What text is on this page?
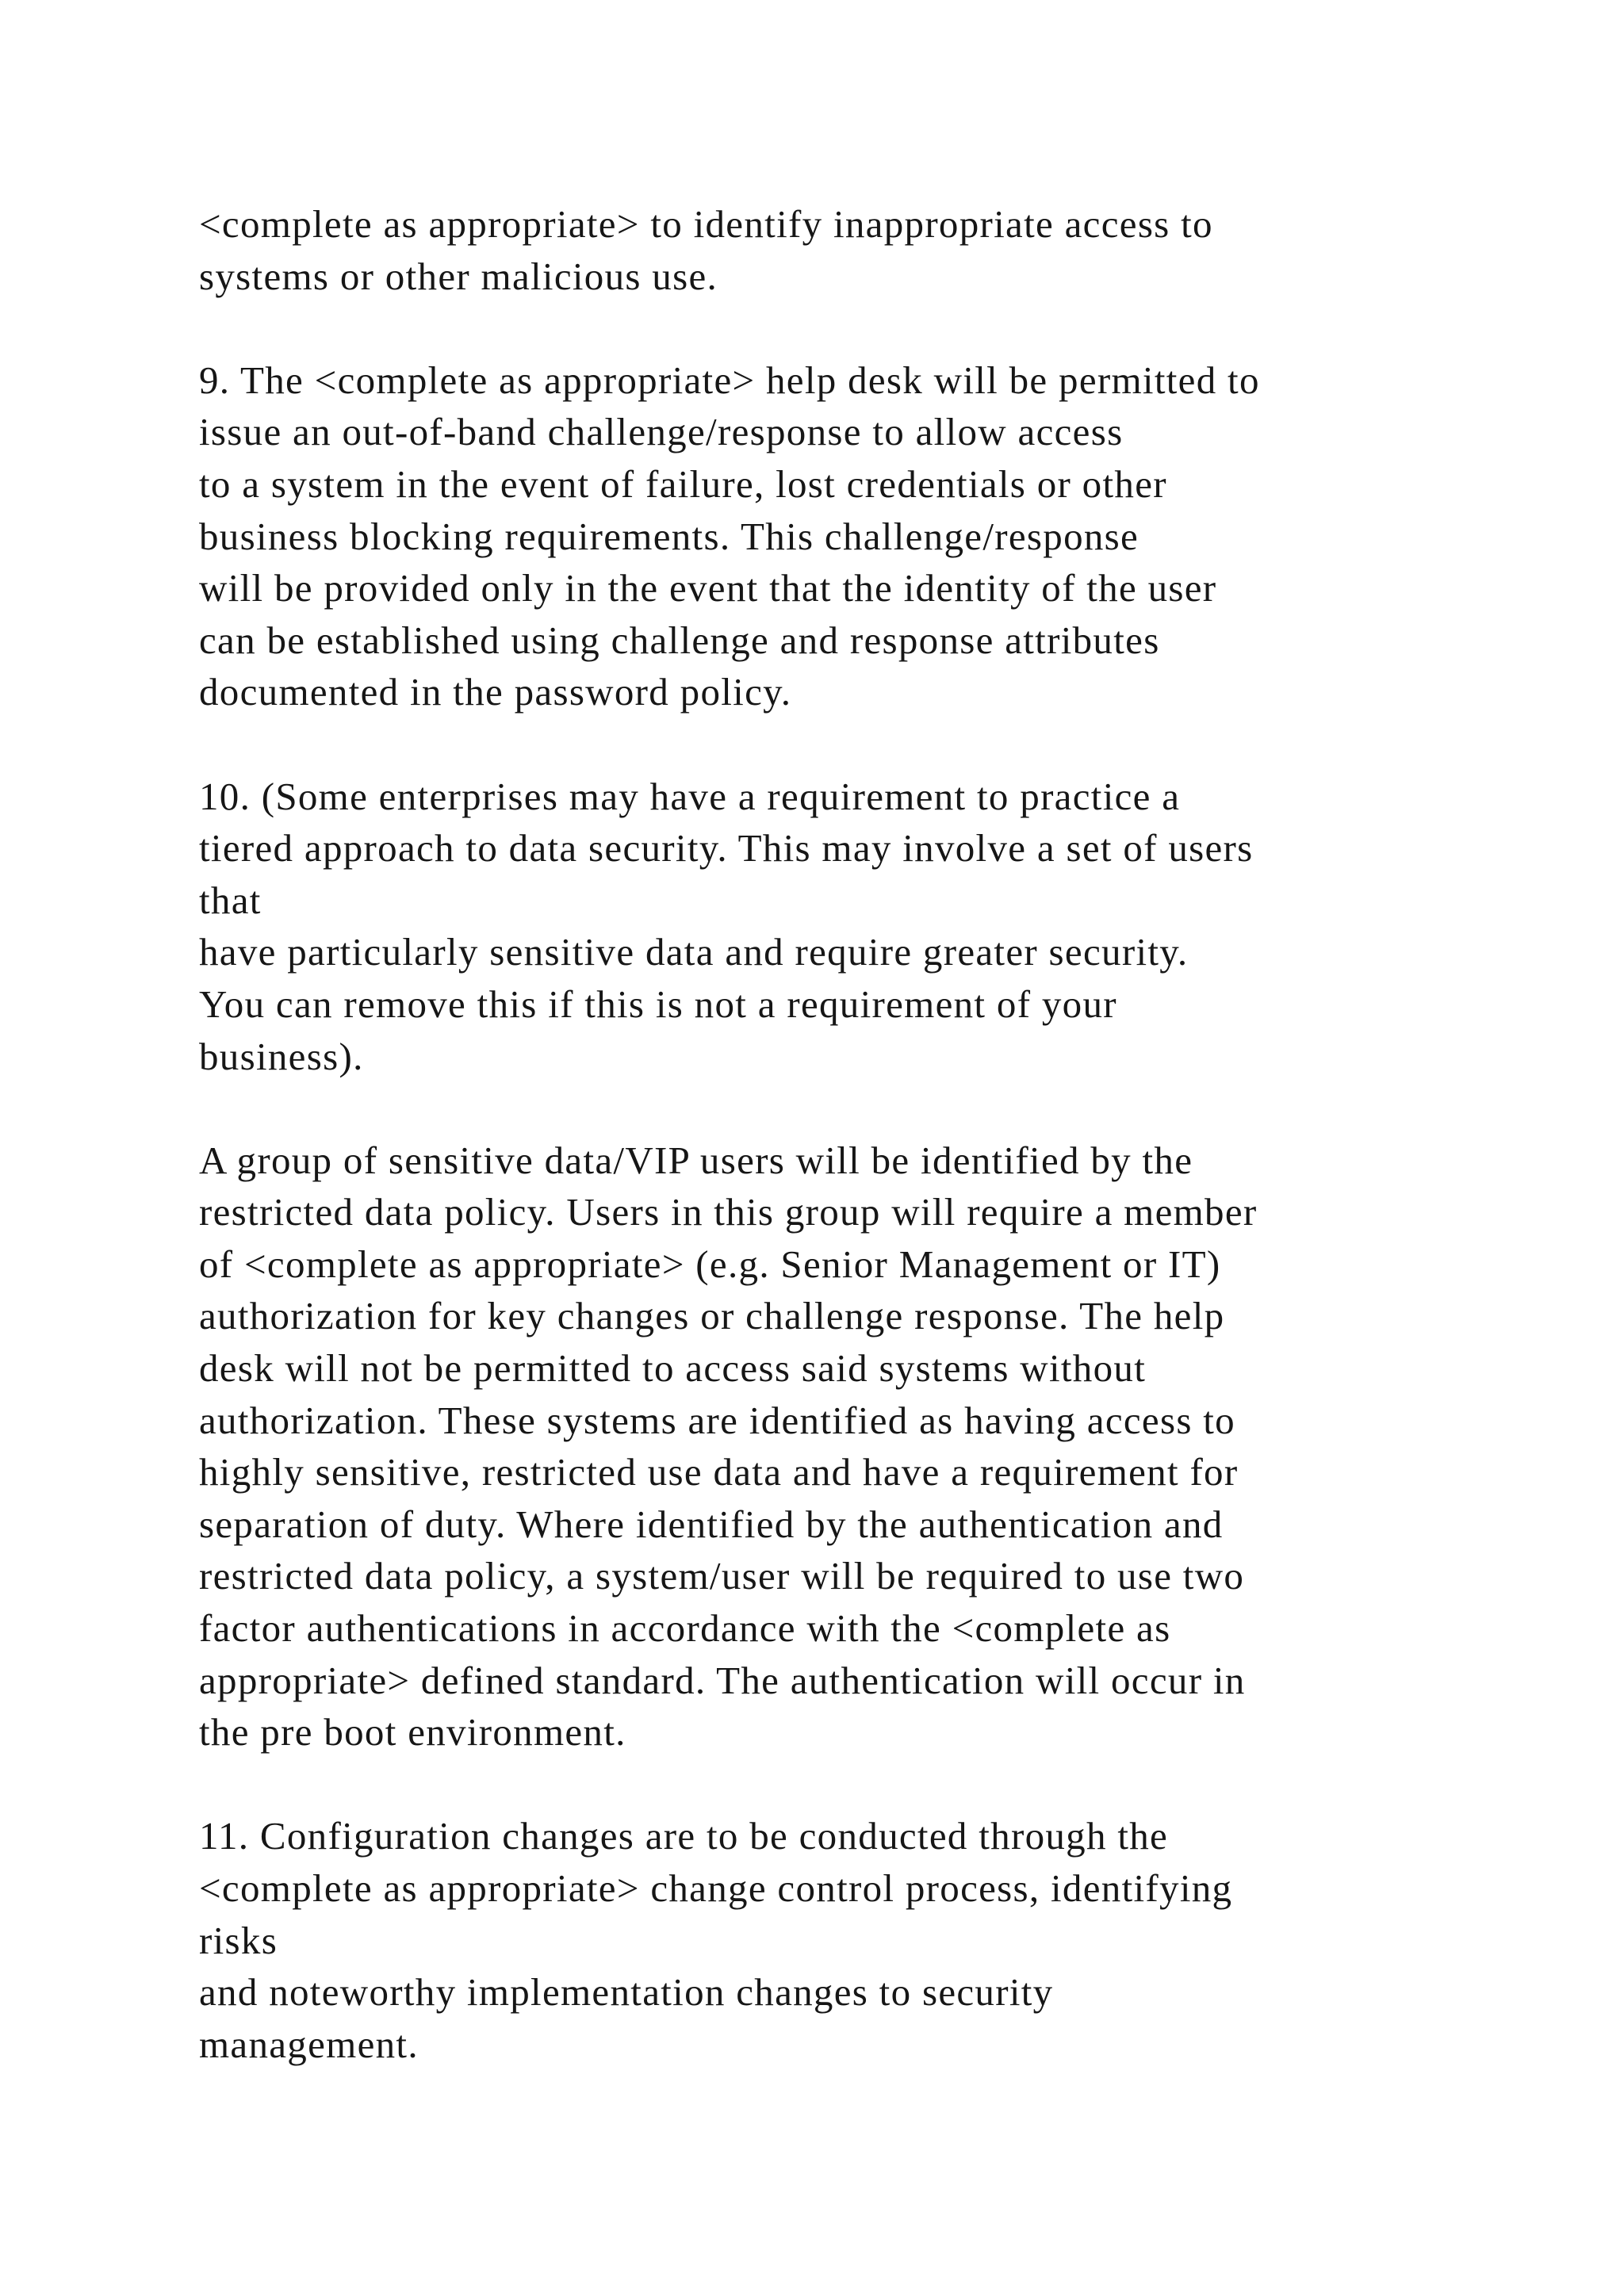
<complete as appropriate> to identify inappropriate access to
systems or other malicious use.
9. The <complete as appropriate> help desk will be permitted to
issue an out-of-band challenge/response to allow access
to a system in the event of failure, lost credentials or other
business blocking requirements. This challenge/response
will be provided only in the event that the identity of the user
can be established using challenge and response attributes
documented in the password policy.
10. (Some enterprises may have a requirement to practice a
tiered approach to data security. This may involve a set of users
that
have particularly sensitive data and require greater security.
You can remove this if this is not a requirement of your
business).
A group of sensitive data/VIP users will be identified by the
restricted data policy. Users in this group will require a member
of <complete as appropriate> (e.g. Senior Management or IT)
authorization for key changes or challenge response. The help
desk will not be permitted to access said systems without
authorization. These systems are identified as having access to
highly sensitive, restricted use data and have a requirement for
separation of duty. Where identified by the authentication and
restricted data policy, a system/user will be required to use two
factor authentications in accordance with the <complete as
appropriate> defined standard. The authentication will occur in
the pre boot environment.
11. Configuration changes are to be conducted through the
<complete as appropriate> change control process, identifying
risks
and noteworthy implementation changes to security
management.
